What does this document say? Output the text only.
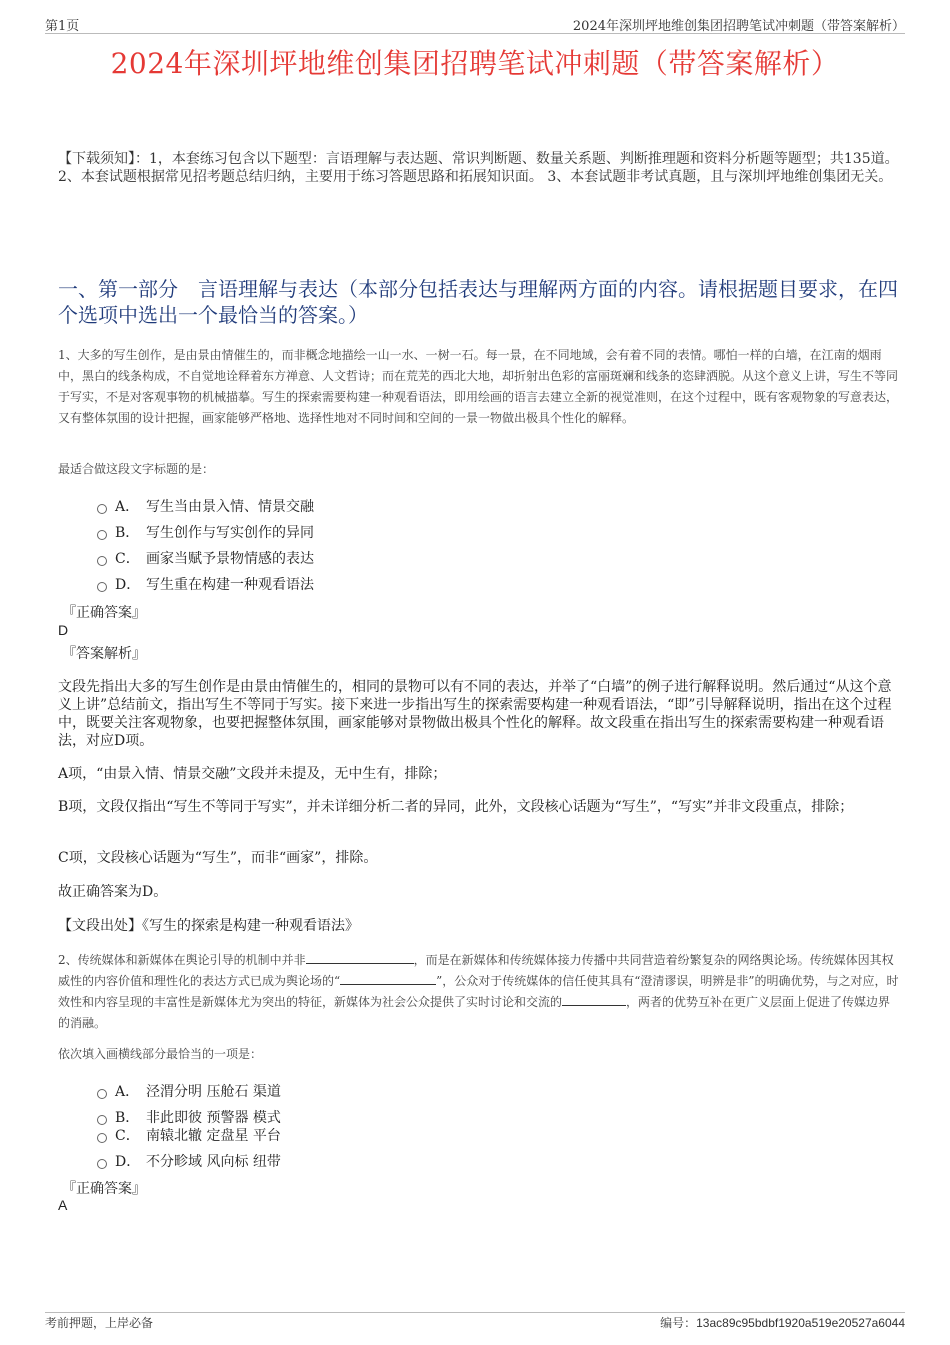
第1页	2024年深圳坪地维创集团招聘笔试冲刺题（带答案解析）
2024年深圳坪地维创集团招聘笔试冲刺题（带答案解析）
【下载须知】：1，本套练习包含以下题型：言语理解与表达题、常识判断题、数量关系题、判断推理题和资料分析题等题型；共135道。 2、本套试题根据常见招考题总结归纳，主要用于练习答题思路和拓展知识面。 3、本套试题非考试真题，且与深圳坪地维创集团无关。
一、第一部分　言语理解与表达（本部分包括表达与理解两方面的内容。请根据题目要求，在四个选项中选出一个最恰当的答案。）
1、大多的写生创作，是由景由情催生的，而非概念地描绘一山一水、一树一石。每一景，在不同地域，会有着不同的表情。哪怕一样的白墙，在江南的烟雨中，黑白的线条构成，不自觉地诠释着东方禅意、人文哲诗；而在荒芜的西北大地，却折射出色彩的富丽斑斓和线条的恣肆洒脱。从这个意义上讲，写生不等同于写实，不是对客观事物的机械描摹。写生的探索需要构建一种观看语法，即用绘画的语言去建立全新的视觉准则，在这个过程中，既有客观物象的写意表达，又有整体氛围的设计把握，画家能够严格地、选择性地对不同时间和空间的一景一物做出极具个性化的解释。
最适合做这段文字标题的是：
A． 写生当由景入情、情景交融
B． 写生创作与写实创作的异同
C． 画家当赋予景物情感的表达
D． 写生重在构建一种观看语法
『正确答案』
D
『答案解析』
文段先指出大多的写生创作是由景由情催生的，相同的景物可以有不同的表达，并举了“白墙”的例子进行解释说明。然后通过“从这个意义上讲”总结前文，指出写生不等同于写实。接下来进一步指出写生的探索需要构建一种观看语法，“即”引导解释说明，指出在这个过程中，既要关注客观物象，也要把握整体氛围，画家能够对景物做出极具个性化的解释。故文段重在指出写生的探索需要构建一种观看语法，对应D项。
A项，“由景入情、情景交融”文段并未提及，无中生有，排除；
B项，文段仅指出“写生不等同于写实”，并未详细分析二者的异同，此外，文段核心话题为“写生”，“写实”并非文段重点，排除；
C项，文段核心话题为“写生”，而非“画家”，排除。
故正确答案为D。
【文段出处】《写生的探索是构建一种观看语法》
2、传统媒体和新媒体在舆论引导的机制中并非	，而是在新媒体和传统媒体接力传播中共同营造着纷繁复杂的网络舆论场。传统媒体因其权威性的内容价值和理性化的表达方式已成为舆论场的“	”，公众对于传统媒体的信任使其具有“澄清谬误，明辨是非”的明确优势，与之对应，时效性和内容呈现的丰富性是新媒体尤为突出的特征，新媒体为社会公众提供了实时讨论和交流的	，两者的优势互补在更广义层面上促进了传媒边界的消融。
依次填入画横线部分最恰当的一项是：
A． 泾渭分明 压舱石 渠道
B． 非此即彼 预警器 模式
C． 南辕北辙 定盘星 平台
D． 不分畛域 风向标 纽带
『正确答案』
A
考前押题，上岸必备	编号：13ac89c95bdbf1920a519e20527a6044
